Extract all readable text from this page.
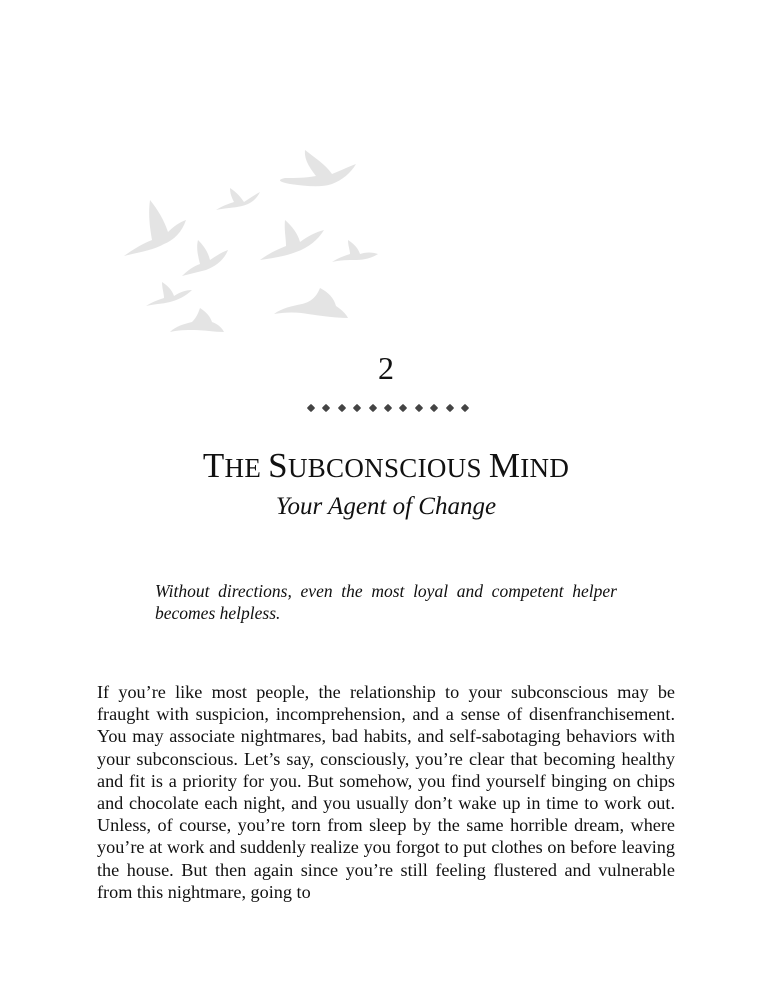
2
THE SUBCONSCIOUS MIND
Your Agent of Change
Without directions, even the most loyal and competent helper becomes helpless.
If you’re like most people, the relationship to your subconscious may be fraught with suspicion, incomprehension, and a sense of disenfranchisement. You may associate nightmares, bad habits, and self-sabotaging behaviors with your subconscious. Let’s say, consciously, you’re clear that becoming healthy and fit is a priority for you. But somehow, you find yourself binging on chips and chocolate each night, and you usually don’t wake up in time to work out. Unless, of course, you’re torn from sleep by the same horrible dream, where you’re at work and suddenly realize you forgot to put clothes on before leaving the house. But then again since you’re still feeling flustered and vulnerable from this nightmare, going to
